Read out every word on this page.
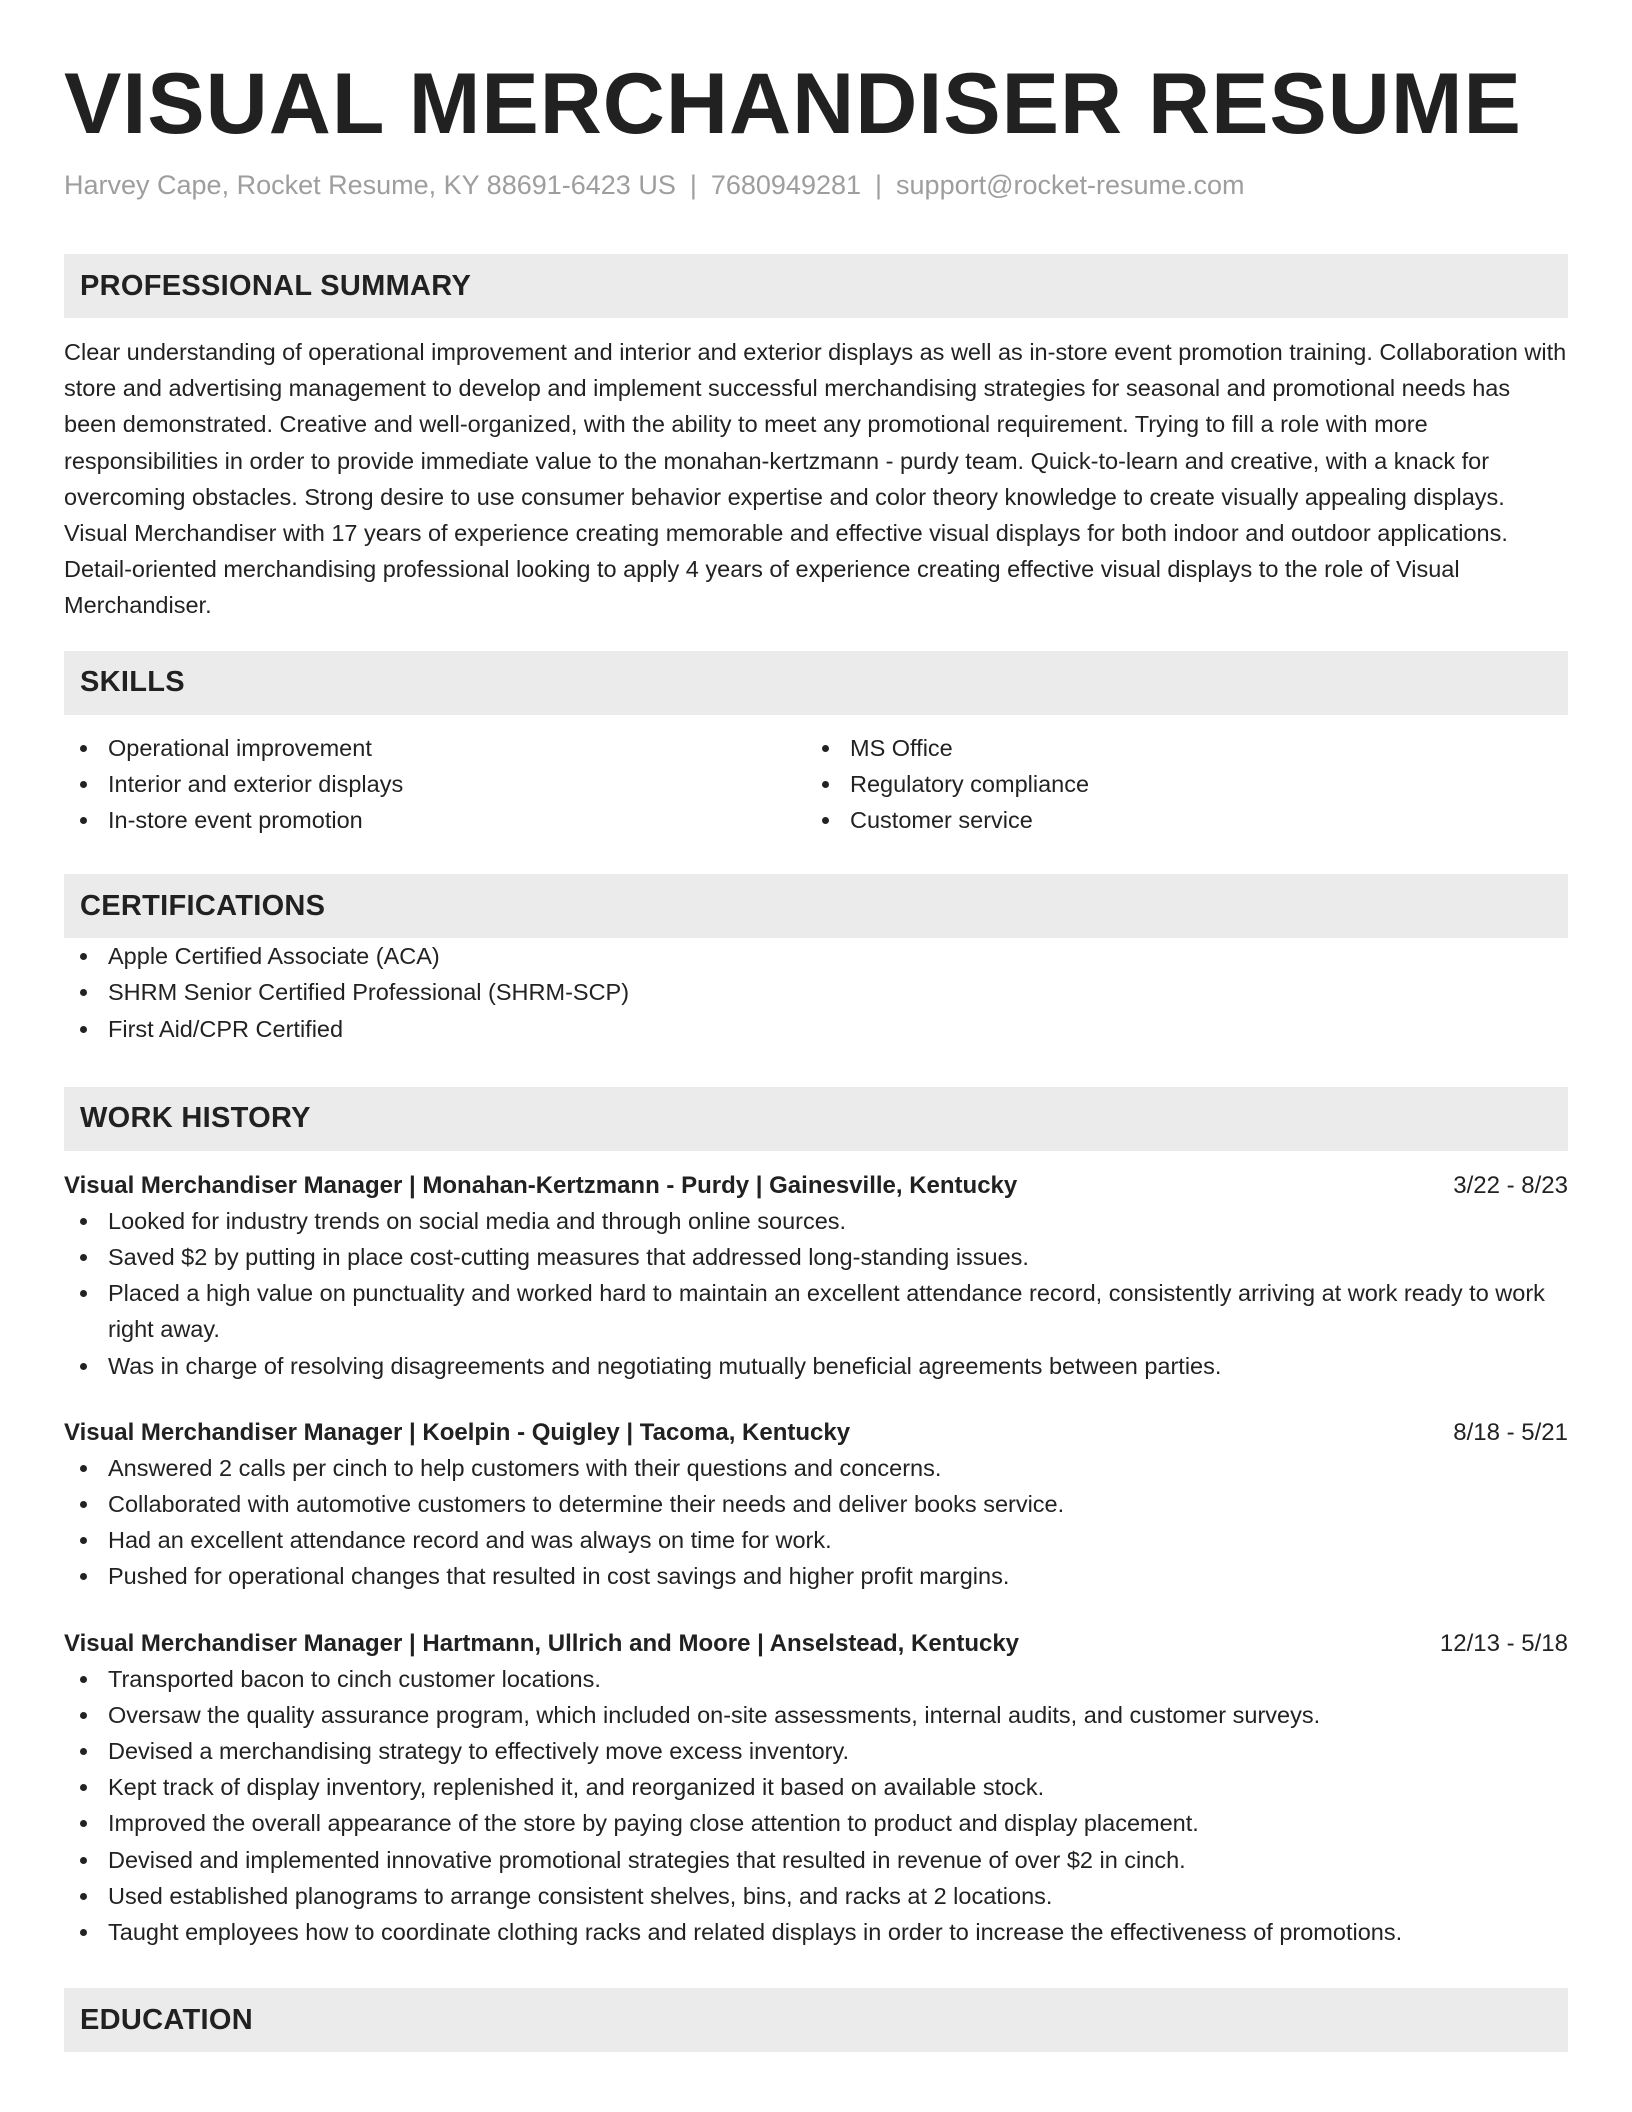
VISUAL MERCHANDISER RESUME
Harvey Cape, Rocket Resume, KY 88691-6423 US | 7680949281 | support@rocket-resume.com
PROFESSIONAL SUMMARY

Clear understanding of operational improvement and interior and exterior displays as well as in-store event promotion training. Collaboration with store and advertising management to develop and implement successful merchandising strategies for seasonal and promotional needs has been demonstrated. Creative and well-organized, with the ability to meet any promotional requirement. Trying to fill a role with more responsibilities in order to provide immediate value to the monahan-kertzmann - purdy team. Quick-to-learn and creative, with a knack for overcoming obstacles. Strong desire to use consumer behavior expertise and color theory knowledge to create visually appealing displays. Visual Merchandiser with 17 years of experience creating memorable and effective visual displays for both indoor and outdoor applications. Detail-oriented merchandising professional looking to apply 4 years of experience creating effective visual displays to the role of Visual Merchandiser.

SKILLS
Operational improvement
Interior and exterior displays
In-store event promotion
MS Office
Regulatory compliance
Customer service
CERTIFICATIONS
Apple Certified Associate (ACA)
SHRM Senior Certified Professional (SHRM-SCP)
First Aid/CPR Certified
WORK HISTORY
Visual Merchandiser Manager | Monahan-Kertzmann - Purdy | Gainesville, Kentucky	3/22 - 8/23
Looked for industry trends on social media and through online sources.
Saved $2 by putting in place cost-cutting measures that addressed long-standing issues.
Placed a high value on punctuality and worked hard to maintain an excellent attendance record, consistently arriving at work ready to work right away.
Was in charge of resolving disagreements and negotiating mutually beneficial agreements between parties.
Visual Merchandiser Manager | Koelpin - Quigley | Tacoma, Kentucky	8/18 - 5/21
Answered 2 calls per cinch to help customers with their questions and concerns.
Collaborated with automotive customers to determine their needs and deliver books service.
Had an excellent attendance record and was always on time for work.
Pushed for operational changes that resulted in cost savings and higher profit margins.
Visual Merchandiser Manager | Hartmann, Ullrich and Moore | Anselstead, Kentucky	12/13 - 5/18
Transported bacon to cinch customer locations.
Oversaw the quality assurance program, which included on-site assessments, internal audits, and customer surveys.
Devised a merchandising strategy to effectively move excess inventory.
Kept track of display inventory, replenished it, and reorganized it based on available stock.
Improved the overall appearance of the store by paying close attention to product and display placement.
Devised and implemented innovative promotional strategies that resulted in revenue of over $2 in cinch.
Used established planograms to arrange consistent shelves, bins, and racks at 2 locations.
Taught employees how to coordinate clothing racks and related displays in order to increase the effectiveness of promotions.
EDUCATION
